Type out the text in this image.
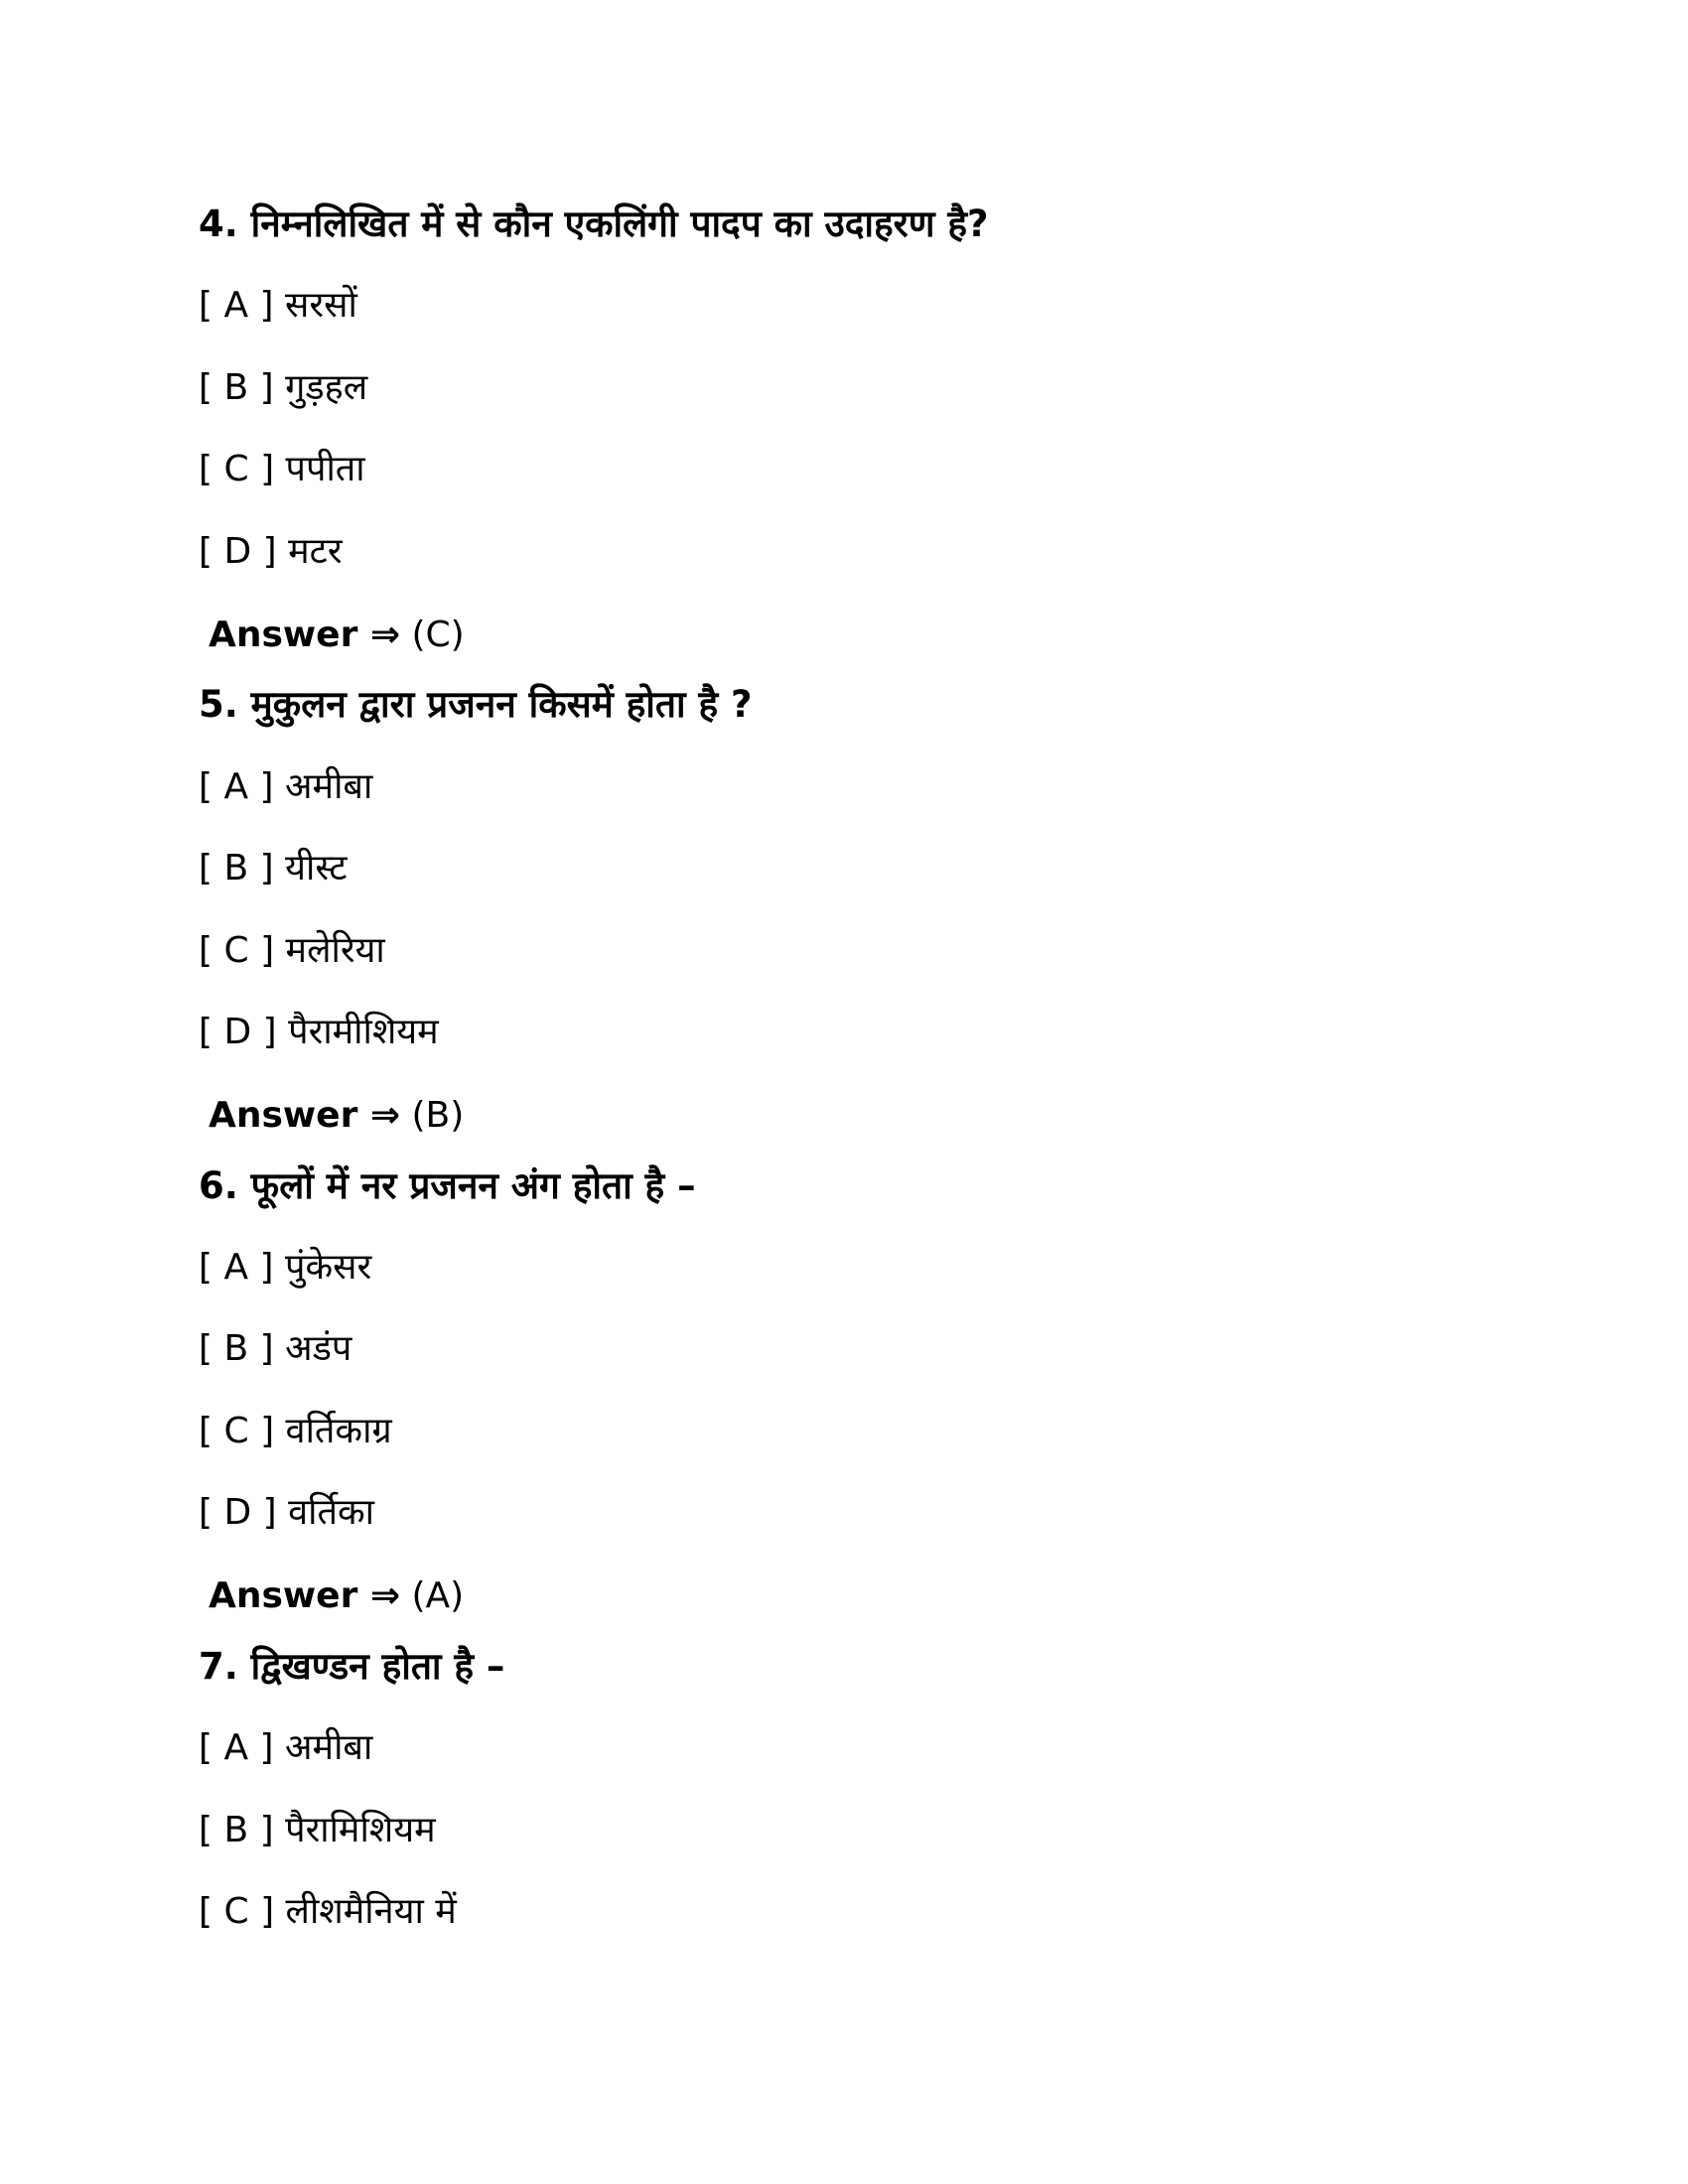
4. निम्नलिखित में से कौन एकलिंगी पादप का उदाहरण है?
[ A ] सरसों
[ B ] गुड़हल
[ C ] पपीता
[ D ] मटर
Answer ⇒ (C)
5. मुकुलन द्वारा प्रजनन किसमें होता है ?
[ A ] अमीबा
[ B ] यीस्ट
[ C ] मलेरिया
[ D ] पैरामीशियम
Answer ⇒ (B)
6. फूलों में नर प्रजनन अंग होता है –
[ A ] पुंकेसर
[ B ] अडंप
[ C ] वर्तिकाग्र
[ D ] वर्तिका
Answer ⇒ (A)
7. द्विखण्डन होता है –
[ A ] अमीबा
[ B ] पैरामिशियम
[ C ] लीशमैनिया में
